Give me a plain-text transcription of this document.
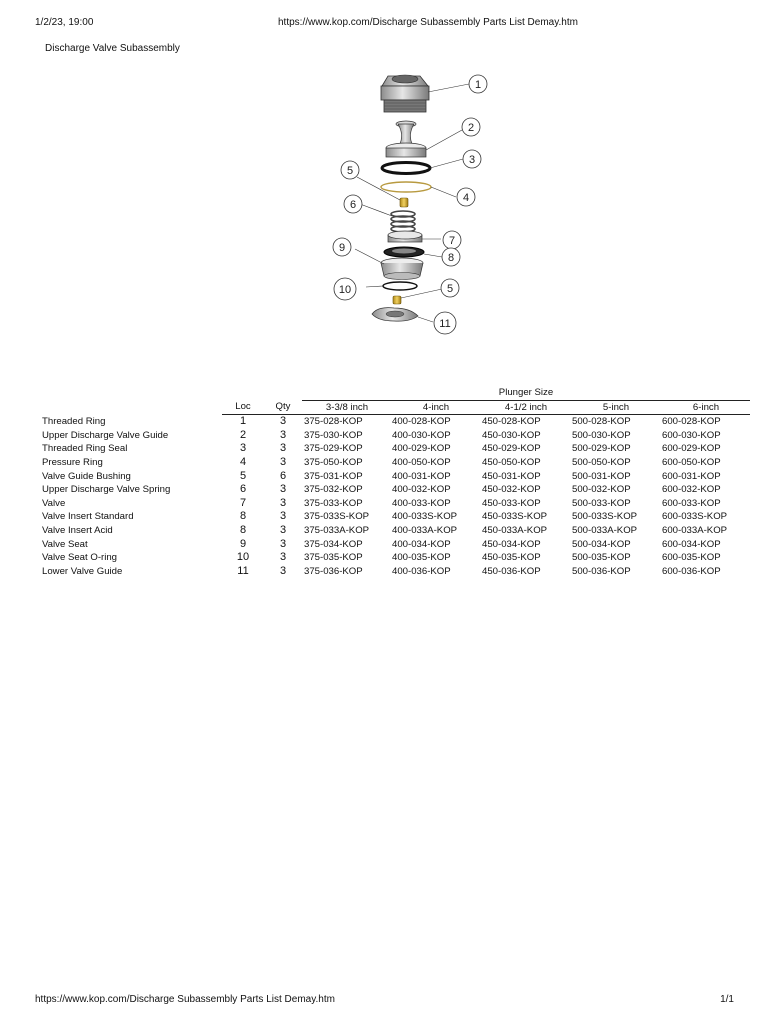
1/2/23, 19:00	https://www.kop.com/Discharge Subassembly Parts List Demay.htm
Discharge Valve Subassembly
1
2
3
5
4
6
7
9
8
10	5
11
			Plunger Size				
	Loc	Qty	3-3/8 inch	4-inch	4-1/2 inch	5-inch	6-inch
Threaded Ring	1	3	375-028-KOP	400-028-KOP	450-028-KOP	500-028-KOP	600-028-KOP
Upper Discharge Valve Guide	2	3	375-030-KOP	400-030-KOP	450-030-KOP	500-030-KOP	600-030-KOP
Threaded Ring Seal	3	3	375-029-KOP	400-029-KOP	450-029-KOP	500-029-KOP	600-029-KOP
Pressure Ring	4	3	375-050-KOP	400-050-KOP	450-050-KOP	500-050-KOP	600-050-KOP
Valve Guide Bushing	5	6	375-031-KOP	400-031-KOP	450-031-KOP	500-031-KOP	600-031-KOP
Upper Discharge Valve Spring	6	3	375-032-KOP	400-032-KOP	450-032-KOP	500-032-KOP	600-032-KOP
Valve	7	3	375-033-KOP	400-033-KOP	450-033-KOP	500-033-KOP	600-033-KOP
Valve Insert Standard	8	3	375-033S-KOP	400-033S-KOP	450-033S-KOP	500-033S-KOP	600-033S-KOP
Valve Insert Acid	8	3	375-033A-KOP	400-033A-KOP	450-033A-KOP	500-033A-KOP	600-033A-KOP
Valve Seat	9	3	375-034-KOP	400-034-KOP	450-034-KOP	500-034-KOP	600-034-KOP
Valve Seat O-ring	10	3	375-035-KOP	400-035-KOP	450-035-KOP	500-035-KOP	600-035-KOP
Lower Valve Guide	11	3	375-036-KOP	400-036-KOP	450-036-KOP	500-036-KOP	600-036-KOP
https://www.kop.com/Discharge Subassembly Parts List Demay.htm	1/1
